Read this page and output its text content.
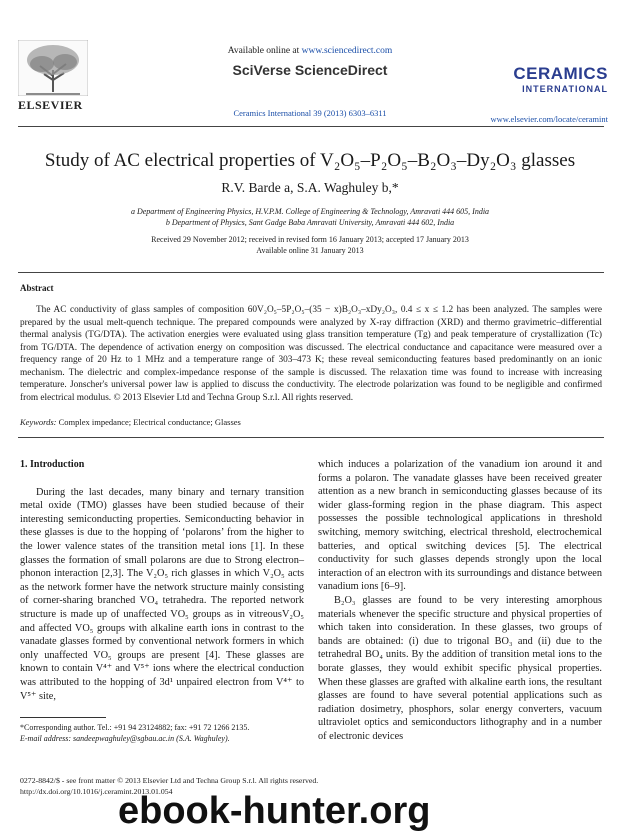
ELSEVIER
Available online at www.sciencedirect.com
SciVerse ScienceDirect
Ceramics International 39 (2013) 6303–6311
CERAMICS
INTERNATIONAL
www.elsevier.com/locate/ceramint
Study of AC electrical properties of V₂O₅–P₂O₅–B₂O₃–Dy₂O₃ glasses
R.V. Barde a, S.A. Waghuley b,*
a Department of Engineering Physics, H.V.P.M. College of Engineering & Technology, Amravati 444 605, India
b Department of Physics, Sant Gadge Baba Amravati University, Amravati 444 602, India
Received 29 November 2012; received in revised form 16 January 2013; accepted 17 January 2013
Available online 31 January 2013
Abstract
The AC conductivity of glass samples of composition 60V₂O₅–5P₂O₅–(35 − x)B₂O₃–xDy₂O₃, 0.4 ≤ x ≤ 1.2 has been analyzed. The samples were prepared by the usual melt-quench technique. The prepared compounds were analyzed by X-ray diffraction (XRD) and thermo gravimetric–differential thermal analysis (TG/DTA). The activation energies were evaluated using glass transition temperature (Tg) and peak temperature of crystallization (Tc) from TG/DTA. The dependence of activation energy on composition was discussed. The electrical conductance and capacitance were measured over a frequency range of 20 Hz to 1 MHz and a temperature range of 303–473 K; these reveal semiconducting features based predominantly on an ionic mechanism. The dielectric and complex-impedance response of the sample is discussed. The relaxation time was found to increase with increasing temperature. Jonscher's universal power law is applied to discuss the conductivity. The electrode polarization was found to be negligible and confirmed from electrical modulus. © 2013 Elsevier Ltd and Techna Group S.r.l. All rights reserved.
Keywords: Complex impedance; Electrical conductance; Glasses
1. Introduction

During the last decades, many binary and ternary transition metal oxide (TMO) glasses have been studied because of their interesting semiconducting properties. Semiconducting behavior in these glasses is due to the hopping of ‘polarons’ from the higher to the lower valence states of the transition metal ions [1]. In these glasses the formation of small polarons are due to Strong electron–phonon interaction [2,3]. The V₂O₅ rich glasses in which V₂O₅ acts as the network former have the network structure mainly consisting of corner-sharing branched VO₄ tetrahedra. The reported network structure is made up of unaffected VO₅ groups as in vitreousV₂O₅ and affected VO₅ groups with alkaline earth ions in contrast to the vanadate glasses formed by conventional network formers in which only unaffected VO₅ groups are present [4]. These glasses are known to contain V⁴⁺ and V⁵⁺ ions where the electrical conduction was attributed to the hopping of 3d¹ unpaired electron from V⁴⁺ to V⁵⁺ site,

which induces a polarization of the vanadium ion around it and forms a polaron. The vanadate glasses have been received greater attention as a new branch in semiconducting glasses because of its wider glass-forming region in the phase diagram. This aspect possesses the possible technological applications in threshold switching, memory switching, electrical threshold, electrochemical batteries, and optical switching devices [5]. The electrical conductivity for such glasses depends strongly upon the local interaction of an electron with its surroundings and distance between vanadium ions [6–9].

B₂O₃ glasses are found to be very interesting amorphous materials whenever the specific structure and physical properties of which taken into consideration. In these glasses, two groups of bands are obtained: (i) due to trigonal BO₃ and (ii) due to the tetrahedral BO₄ units. By the addition of transition metal ions to the borate glasses, they would exhibit specific physical properties. When these glasses are grafted with alkaline earth ions, the resultant glasses are found to have several potential applications such as radiation dosimetry, phosphors, solar energy converters, vacuum ultraviolet optics and semiconductors lithography and in a number of electronic devices

*Corresponding author. Tel.: +91 94 23124882; fax: +91 72 1266 2135.
E-mail address: sandeepwaghuley@sgbau.ac.in (S.A. Waghuley).
0272-8842/$ - see front matter © 2013 Elsevier Ltd and Techna Group S.r.l. All rights reserved.
http://dx.doi.org/10.1016/j.ceramint.2013.01.054
ebook-hunter.org
